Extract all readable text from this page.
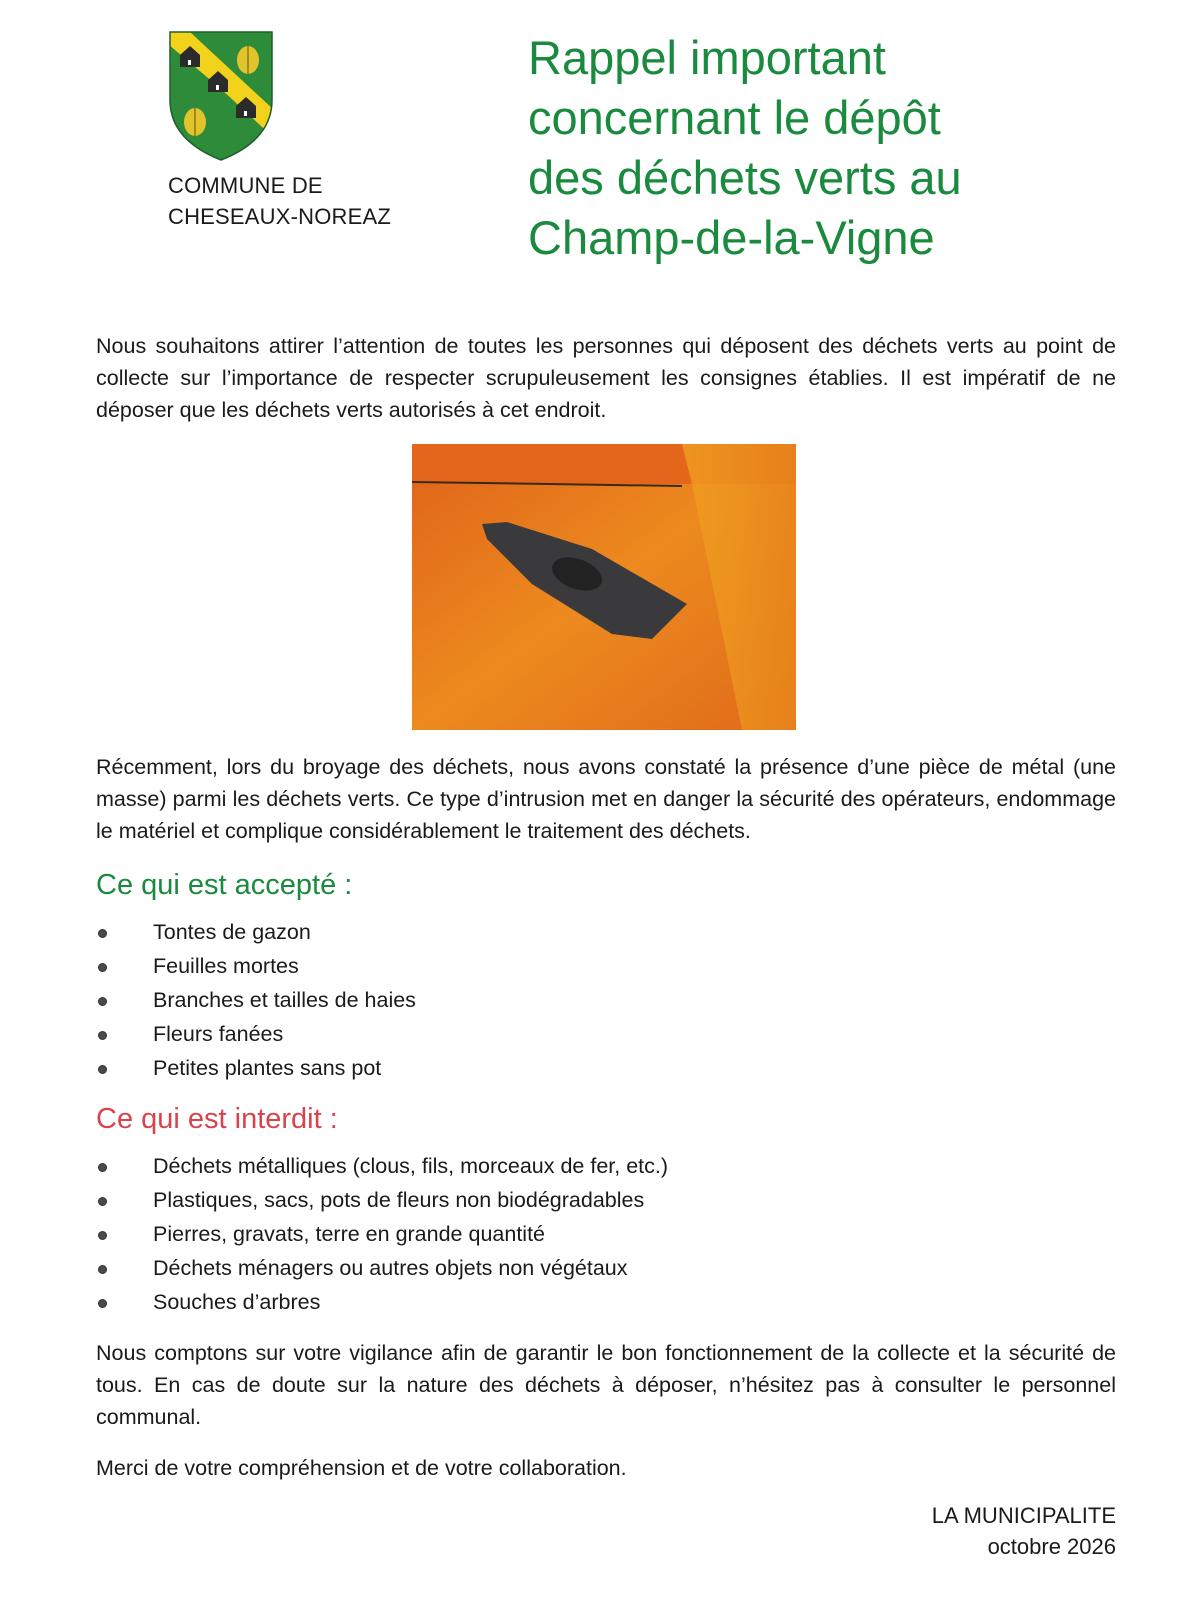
COMMUNE DE
CHESEAUX-NOREAZ
Rappel important
concernant le dépôt
des déchets verts au
Champ-de-la-Vigne

Nous souhaitons attirer l’attention de toutes les personnes qui déposent des déchets verts au point de collecte sur l’importance de respecter scrupuleusement les consignes établies. Il est impératif de ne déposer que les déchets verts autorisés à cet endroit.

Récemment, lors du broyage des déchets, nous avons constaté la présence d’une pièce de métal (une masse) parmi les déchets verts. Ce type d’intrusion met en danger la sécurité des opérateurs, endommage le matériel et complique considérablement le traitement des déchets.

Ce qui est accepté :
Tontes de gazon
Feuilles mortes
Branches et tailles de haies
Fleurs fanées
Petites plantes sans pot
Ce qui est interdit :
Déchets métalliques (clous, fils, morceaux de fer, etc.)
Plastiques, sacs, pots de fleurs non biodégradables
Pierres, gravats, terre en grande quantité
Déchets ménagers ou autres objets non végétaux
Souches d’arbres

Nous comptons sur votre vigilance afin de garantir le bon fonctionnement de la collecte et la sécurité de tous. En cas de doute sur la nature des déchets à déposer, n’hésitez pas à consulter le personnel communal.

Merci de votre compréhension et de votre collaboration.

LA MUNICIPALITE
octobre 2026
